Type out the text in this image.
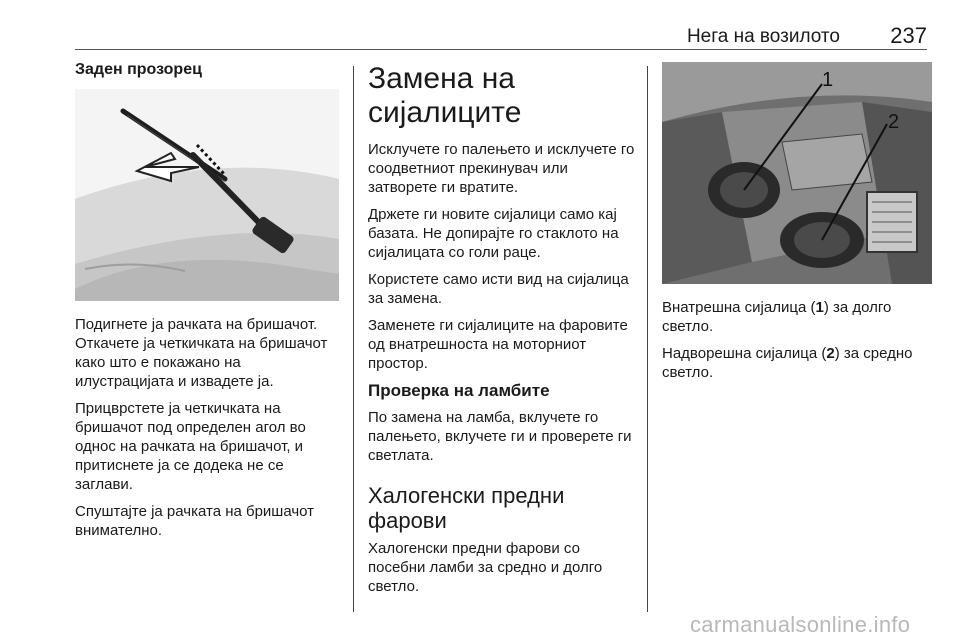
Нега на возилото 237
Заден прозорец

Подигнете ја рачката на бришачот. Откачете ја четкичката на бришачот како што е покажано на илустрацијата и извадете ја.

Прицврстете ја четкичката на бришачот под определен агол во однос на рачката на бришачот, и притиснете ја се додека не се заглави.

Спуштајте ја рачката на бришачот внимателно.

Замена на сијалиците

Исклучете го палењето и исклучете го соодветниот прекинувач или затворете ги вратите.

Држете ги новите сијалици само кај базата. Не допирајте го стаклото на сијалицата со голи раце.

Користете само исти вид на сијалица за замена.

Заменете ги сијалиците на фаровите од внатрешноста на моторниот простор.

Проверка на ламбите

По замена на ламба, вклучете го палењето, вклучете ги и проверете ги светлата.

Халогенски предни фарови

Халогенски предни фарови со посебни ламби за средно и долго светло.

1
2

Внатрешна сијалица (1) за долго светло.

Надворешна сијалица (2) за средно светло.

carmanualsonline.info
